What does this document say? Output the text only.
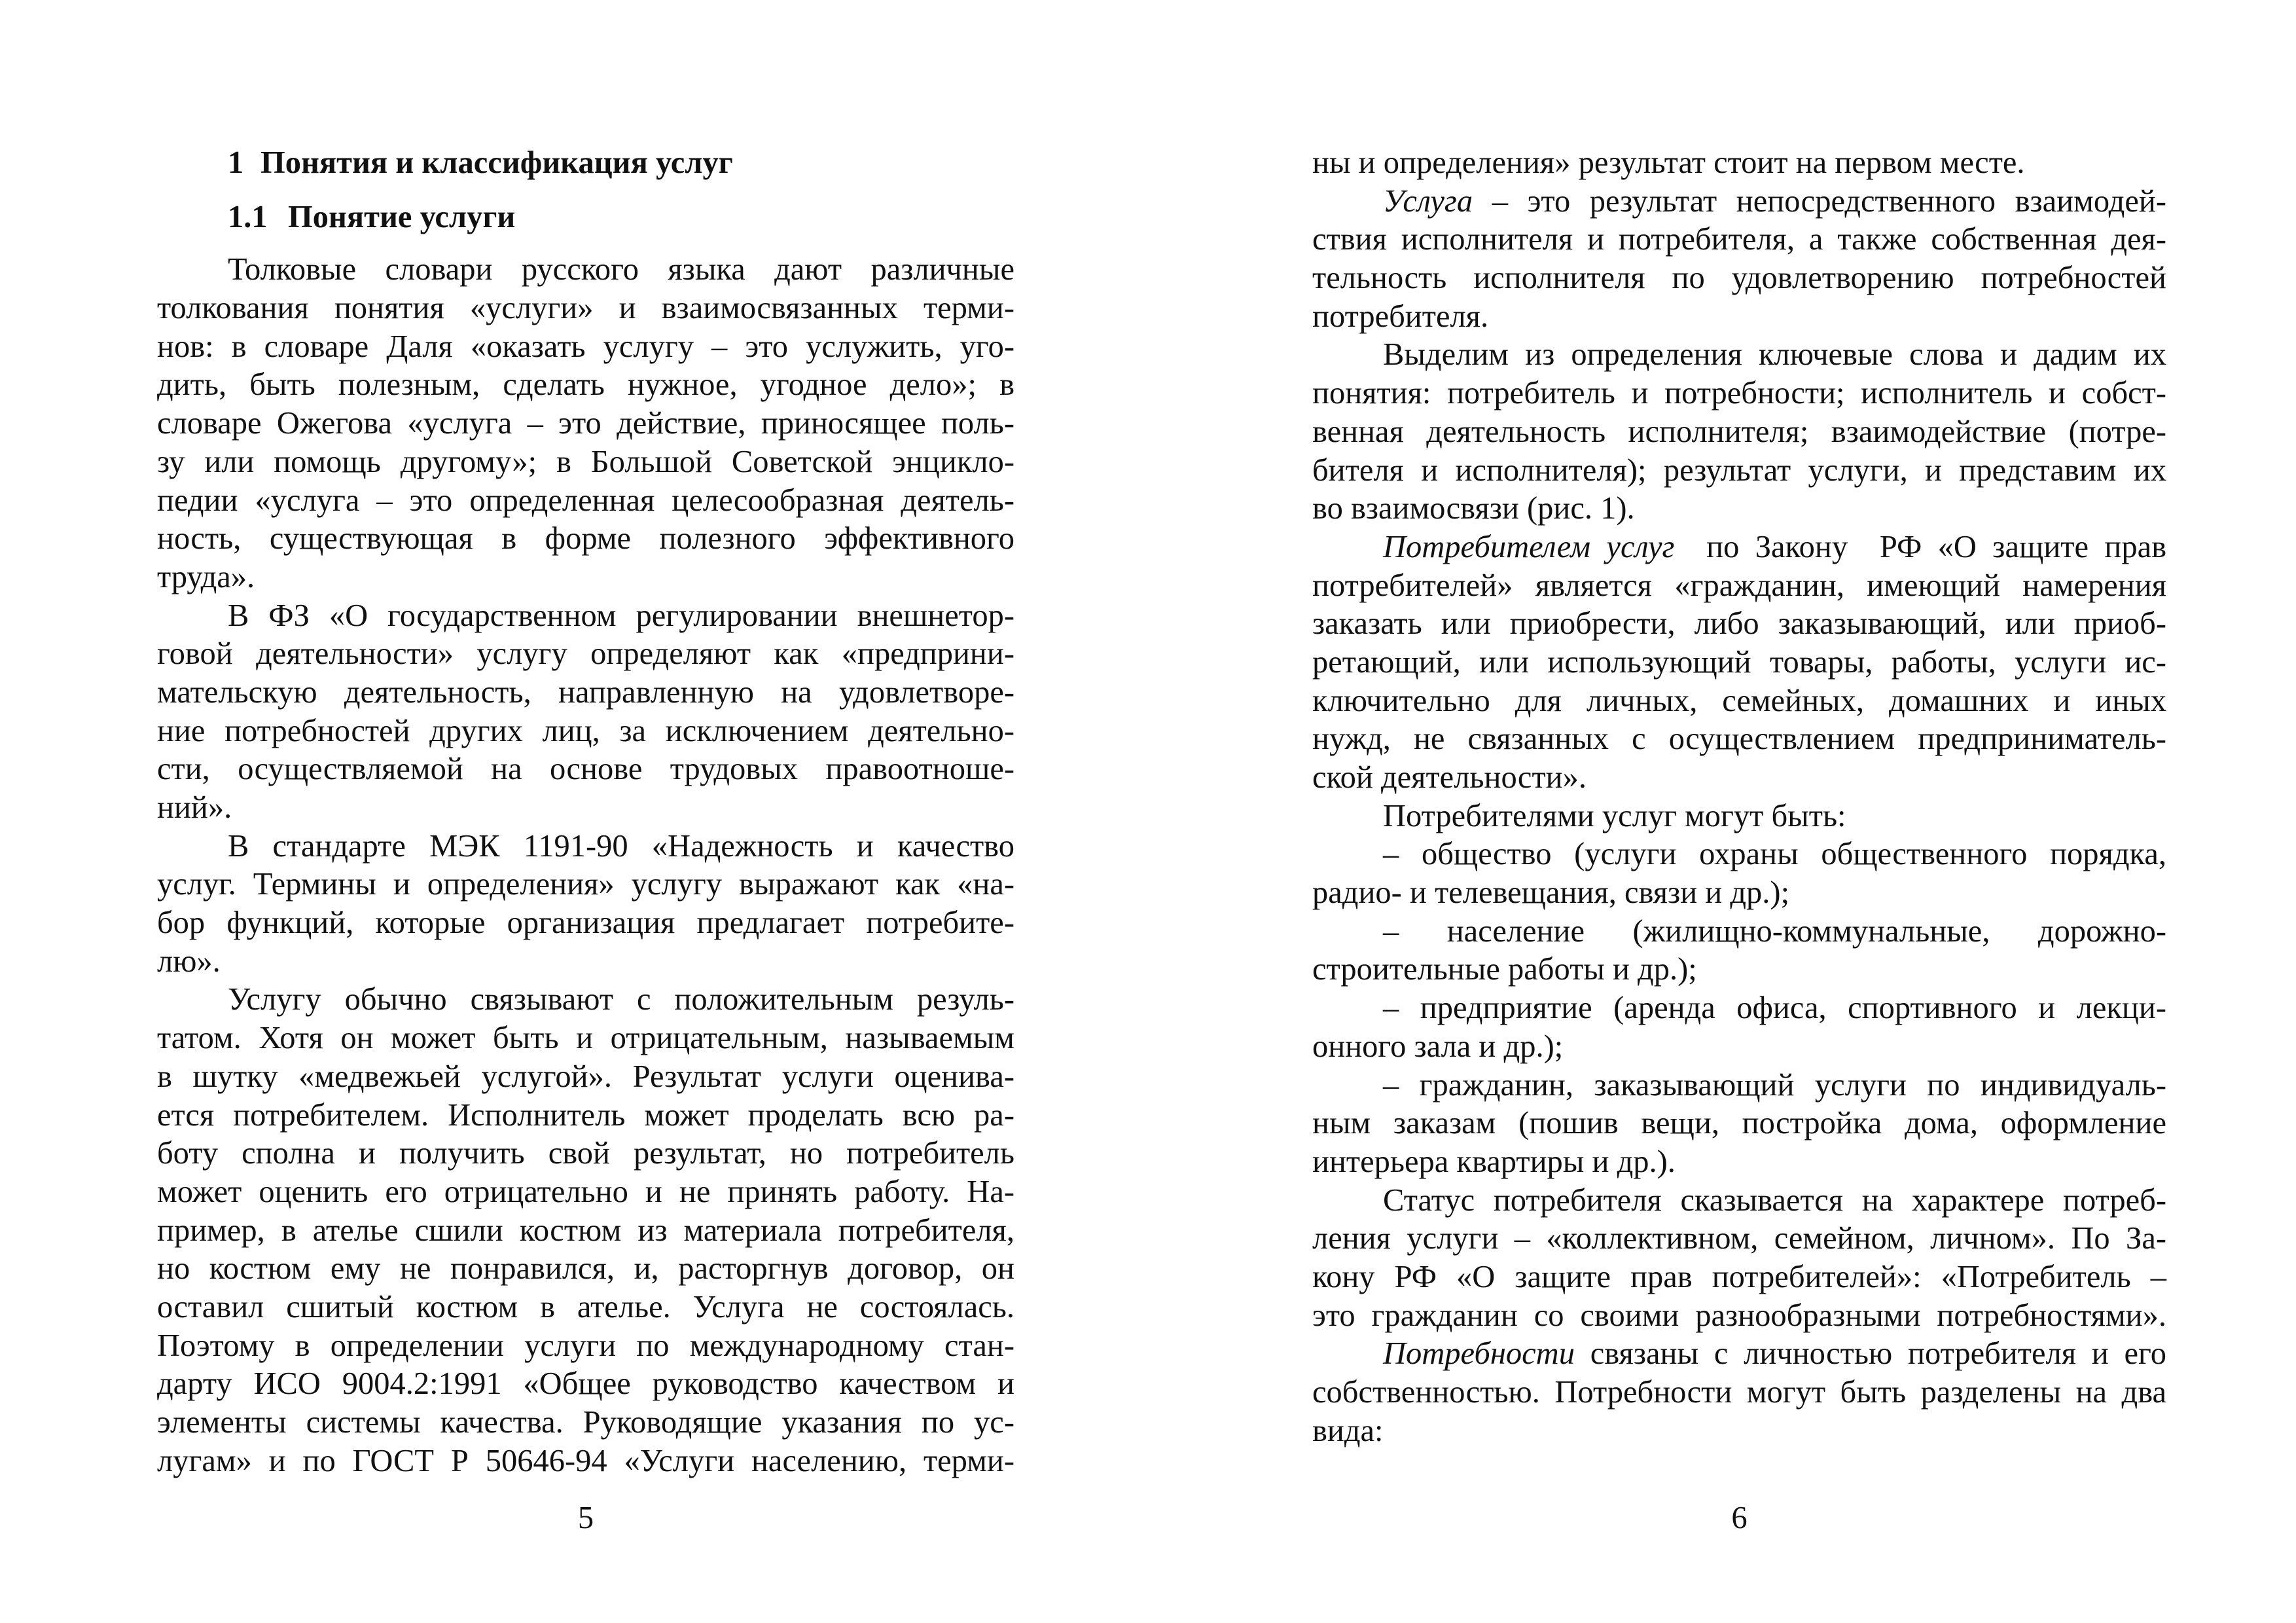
1 Понятия и классификация услуг
1.1 Понятие услуги
Толковые словари русского языка дают различные
толкования понятия «услуги» и взаимосвязанных терми-
нов: в словаре Даля «оказать услугу – это услужить, уго-
дить, быть полезным, сделать нужное, угодное дело»; в
словаре Ожегова «услуга – это действие, приносящее поль-
зу или помощь другому»; в Большой Советской энцикло-
педии «услуга – это определенная целесообразная деятель-
ность, существующая в форме полезного эффективного
труда».
В ФЗ «О государственном регулировании внешнетор-
говой деятельности» услугу определяют как «предприни-
мательскую деятельность, направленную на удовлетворе-
ние потребностей других лиц, за исключением деятельно-
сти, осуществляемой на основе трудовых правоотноше-
ний».
В стандарте МЭК 1191-90 «Надежность и качество
услуг. Термины и определения» услугу выражают как «на-
бор функций, которые организация предлагает потребите-
лю».
Услугу обычно связывают с положительным резуль-
татом. Хотя он может быть и отрицательным, называемым
в шутку «медвежьей услугой». Результат услуги оценива-
ется потребителем. Исполнитель может проделать всю ра-
боту сполна и получить свой результат, но потребитель
может оценить его отрицательно и не принять работу. На-
пример, в ателье сшили костюм из материала потребителя,
но костюм ему не понравился, и, расторгнув договор, он
оставил сшитый костюм в ателье. Услуга не состоялась.
Поэтому в определении услуги по международному стан-
дарту ИСО 9004.2:1991 «Общее руководство качеством и
элементы системы качества. Руководящие указания по ус-
лугам» и по ГОСТ Р 50646-94 «Услуги населению, терми-
5
ны и определения» результат стоит на первом месте.
Услуга – это результат непосредственного взаимодей-
ствия исполнителя и потребителя, а также собственная дея-
тельность исполнителя по удовлетворению потребностей
потребителя.
Выделим из определения ключевые слова и дадим их
понятия: потребитель и потребности; исполнитель и собст-
венная деятельность исполнителя; взаимодействие (потре-
бителя и исполнителя); результат услуги, и представим их
во взаимосвязи (рис. 1).
Потребителем услуг  по Закону  РФ «О защите прав
потребителей» является «гражданин, имеющий намерения
заказать или приобрести, либо заказывающий, или приоб-
ретающий, или использующий товары, работы, услуги ис-
ключительно для личных, семейных, домашних и иных
нужд, не связанных с осуществлением предприниматель-
ской деятельности».
Потребителями услуг могут быть:
– общество (услуги охраны общественного порядка,
радио- и телевещания, связи и др.);
– население (жилищно-коммунальные, дорожно-
строительные работы и др.);
– предприятие (аренда офиса, спортивного и лекци-
онного зала и др.);
– гражданин, заказывающий услуги по индивидуаль-
ным заказам (пошив вещи, постройка дома, оформление
интерьера квартиры и др.).
Статус потребителя сказывается на характере потреб-
ления услуги – «коллективном, семейном, личном». По За-
кону РФ «О защите прав потребителей»: «Потребитель –
это гражданин со своими разнообразными потребностями».
Потребности связаны с личностью потребителя и его
собственностью. Потребности могут быть разделены на два
вида:
6
